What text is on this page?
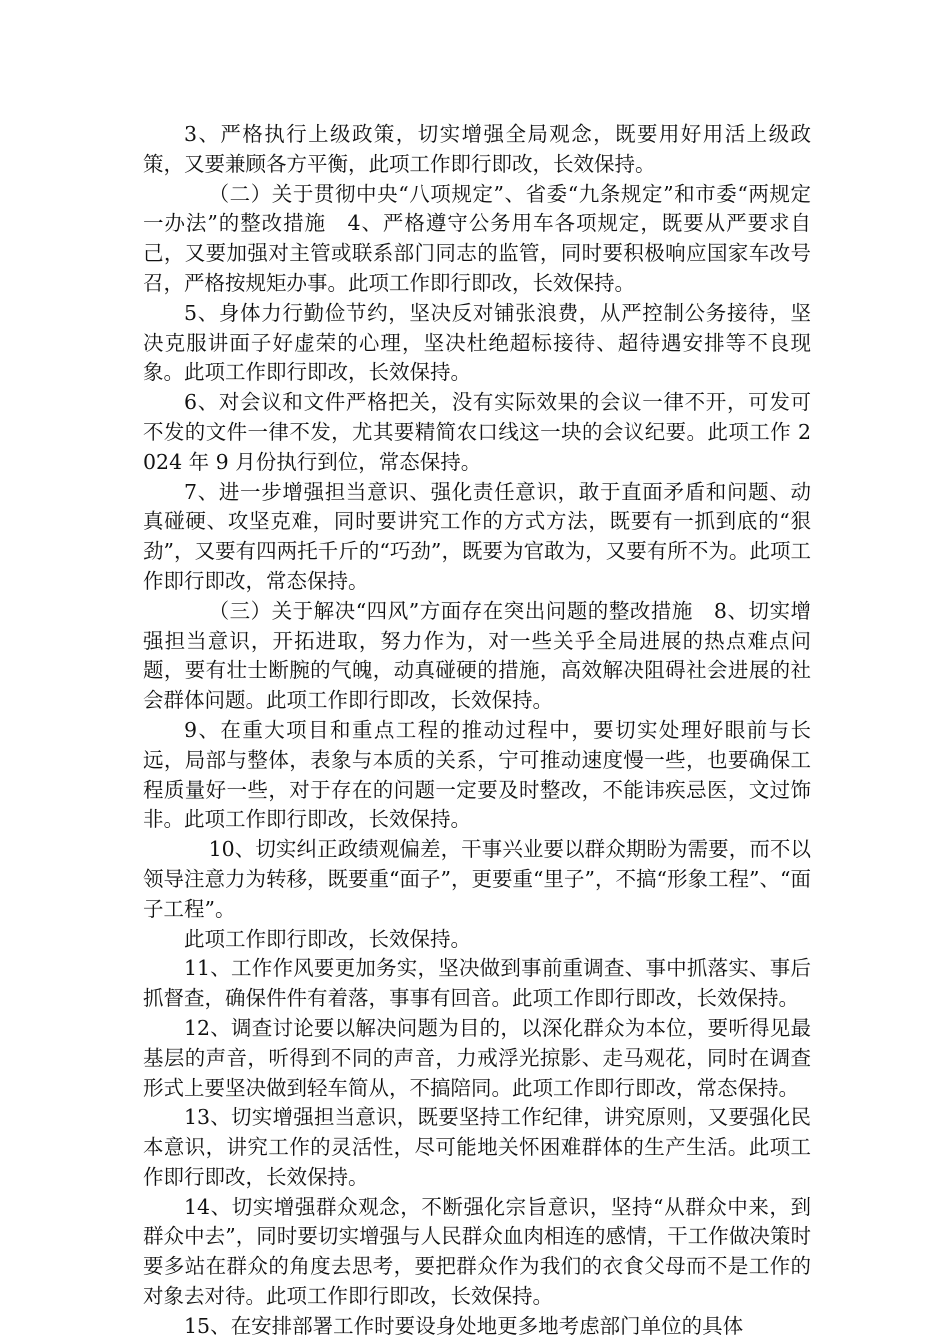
3、严格执行上级政策，切实增强全局观念，既要用好用活上级政策，又要兼顾各方平衡，此项工作即行即改，长效保持。

（二）关于贯彻中央“八项规定”、省委“九条规定”和市委“两规定一办法”的整改措施　4、严格遵守公务用车各项规定，既要从严要求自己，又要加强对主管或联系部门同志的监管，同时要积极响应国家车改号召，严格按规矩办事。此项工作即行即改，长效保持。

5、身体力行勤俭节约，坚决反对铺张浪费，从严控制公务接待，坚决克服讲面子好虚荣的心理，坚决杜绝超标接待、超待遇安排等不良现象。此项工作即行即改，长效保持。

6、对会议和文件严格把关，没有实际效果的会议一律不开，可发可不发的文件一律不发，尤其要精简农口线这一块的会议纪要。此项工作 2024 年 9 月份执行到位，常态保持。

7、进一步增强担当意识、强化责任意识，敢于直面矛盾和问题、动真碰硬、攻坚克难，同时要讲究工作的方式方法，既要有一抓到底的“狠劲”，又要有四两托千斤的“巧劲”，既要为官敢为，又要有所不为。此项工作即行即改，常态保持。

（三）关于解决“四风”方面存在突出问题的整改措施　8、切实增强担当意识，开拓进取，努力作为，对一些关乎全局进展的热点难点问题，要有壮士断腕的气魄，动真碰硬的措施，高效解决阻碍社会进展的社会群体问题。此项工作即行即改，长效保持。

9、在重大项目和重点工程的推动过程中，要切实处理好眼前与长远，局部与整体，表象与本质的关系，宁可推动速度慢一些，也要确保工程质量好一些，对于存在的问题一定要及时整改，不能讳疾忌医，文过饰非。此项工作即行即改，长效保持。

10、切实纠正政绩观偏差，干事兴业要以群众期盼为需要，而不以领导注意力为转移，既要重“面子”，更要重“里子”，不搞“形象工程”、“面子工程”。

此项工作即行即改，长效保持。

11、工作作风要更加务实，坚决做到事前重调查、事中抓落实、事后抓督查，确保件件有着落，事事有回音。此项工作即行即改，长效保持。

12、调查讨论要以解决问题为目的，以深化群众为本位，要听得见最基层的声音，听得到不同的声音，力戒浮光掠影、走马观花，同时在调查形式上要坚决做到轻车简从，不搞陪同。此项工作即行即改，常态保持。

13、切实增强担当意识，既要坚持工作纪律，讲究原则，又要强化民本意识，讲究工作的灵活性，尽可能地关怀困难群体的生产生活。此项工作即行即改，长效保持。

14、切实增强群众观念，不断强化宗旨意识，坚持“从群众中来，到群众中去”，同时要切实增强与人民群众血肉相连的感情，干工作做决策时要多站在群众的角度去思考，要把群众作为我们的衣食父母而不是工作的对象去对待。此项工作即行即改，长效保持。

15、在安排部署工作时要设身处地更多地考虑部门单位的具体
